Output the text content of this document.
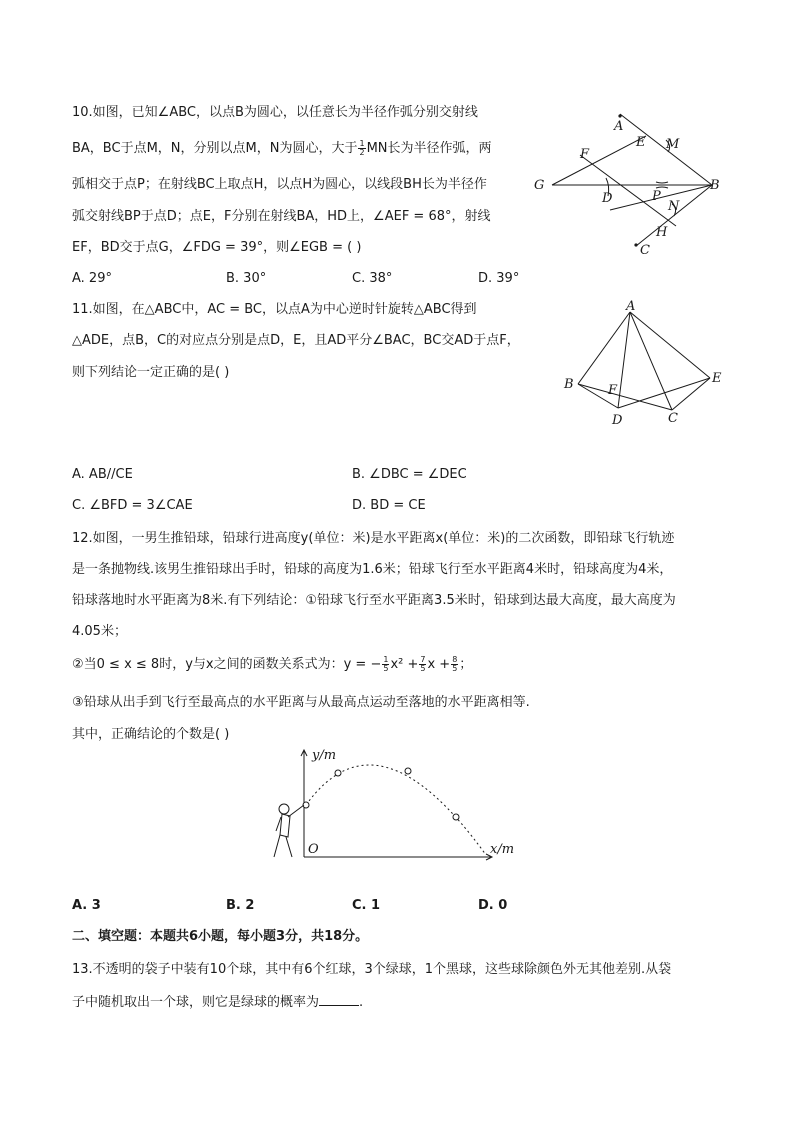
10.如图，已知∠ABC，以点B为圆心，以任意长为半径作弧分别交射线
BA，BC于点M，N，分别以点M，N为圆心，大于 $\frac{1}{2}$ MN长为半径作弧，两
弧相交于点P；在射线BC上取点H，以点H为圆心，以线段BH长为半径作
弧交射线BP于点D；点E，F分别在射线BA，HD上，∠AEF = 68°，射线
EF，BD交于点G，∠FDG = 39°，则∠EGB = ( )
A. 29°	B. 30°	C. 38°	D. 39°
A
E M
F
G
D	P
B
N
H
C
11.如图，在△ABC中，AC = BC，以点A为中心逆时针旋转△ABC得到
△ADE，点B，C的对应点分别是点D，E，且AD平分∠BAC，BC交AD于点F，
则下列结论一定正确的是( )
A
B	F
E
D	C
A. AB//CE	B. ∠DBC = ∠DEC
C. ∠BFD = 3∠CAE	D. BD = CE
12.如图，一男生推铅球，铅球行进高度y(单位：米)是水平距离x(单位：米)的二次函数，即铅球飞行轨迹
是一条抛物线.该男生推铅球出手时，铅球的高度为1.6米；铅球飞行至水平距离4米时，铅球高度为4米，
铅球落地时水平距离为8米.有下列结论：①铅球飞行至水平距离3.5米时，铅球到达最大高度，最大高度为
4.05米；
②当0 ≤ x ≤ 8时，y与x之间的函数关系式为：y = − $\frac{1}{5} x^2 + \frac{7}{5}$ $x + \frac{8}{5}$ ；
③铅球从出手到飞行至最高点的水平距离与从最高点运动至落地的水平距离相等.
其中，正确结论的个数是( )
y/m
x/m
O
A. 3	B. 2	C. 1	D. 0
二、填空题：本题共6小题，每小题3分，共18分。
13.不透明的袋子中装有10个球，其中有6个红球，3个绿球，1个黑球，这些球除颜色外无其他差别.从袋
子中随机取出一个球，则它是绿球的概率为	.
